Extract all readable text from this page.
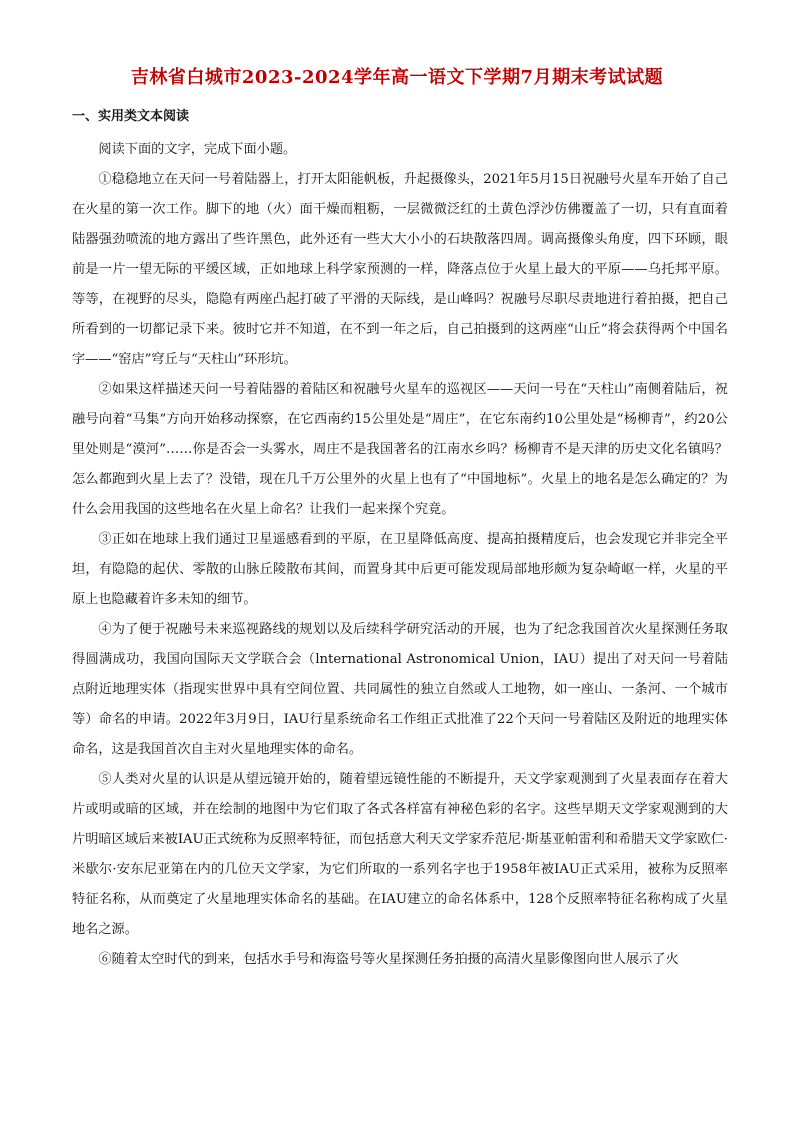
吉林省白城市2023-2024学年高一语文下学期7月期末考试试题
一、实用类文本阅读

阅读下面的文字，完成下面小题。

①稳稳地立在天问一号着陆器上，打开太阳能帆板，升起摄像头，2021年5月15日祝融号火星车开始了自己在火星的第一次工作。脚下的地（火）面干燥而粗粝，一层微微泛红的土黄色浮沙仿佛覆盖了一切，只有直面着陆器强劲喷流的地方露出了些许黑色，此外还有一些大大小小的石块散落四周。调高摄像头角度，四下环顾，眼前是一片一望无际的平缓区域，正如地球上科学家预测的一样，降落点位于火星上最大的平原——乌托邦平原。等等，在视野的尽头，隐隐有两座凸起打破了平滑的天际线，是山峰吗？祝融号尽职尽责地进行着拍摄，把自己所看到的一切都记录下来。彼时它并不知道，在不到一年之后，自己拍摄到的这两座“山丘”将会获得两个中国名字——“窑店”穹丘与“天柱山”环形坑。

②如果这样描述天问一号着陆器的着陆区和祝融号火星车的巡视区——天问一号在“天柱山”南侧着陆后，祝融号向着“马集”方向开始移动探察，在它西南约15公里处是“周庄”，在它东南约10公里处是“杨柳青”，约20公里处则是“漠河”……你是否会一头雾水，周庄不是我国著名的江南水乡吗？杨柳青不是天津的历史文化名镇吗？怎么都跑到火星上去了？没错，现在几千万公里外的火星上也有了“中国地标”。火星上的地名是怎么确定的？为什么会用我国的这些地名在火星上命名？让我们一起来探个究竟。

③正如在地球上我们通过卫星遥感看到的平原，在卫星降低高度、提高拍摄精度后，也会发现它并非完全平坦，有隐隐的起伏、零散的山脉丘陵散布其间，而置身其中后更可能发现局部地形颇为复杂崎岖一样，火星的平原上也隐藏着许多未知的细节。

④为了便于祝融号未来巡视路线的规划以及后续科学研究活动的开展，也为了纪念我国首次火星探测任务取得圆满成功，我国向国际天文学联合会（lnternational Astronomical Union，IAU）提出了对天问一号着陆点附近地理实体（指现实世界中具有空间位置、共同属性的独立自然或人工地物，如一座山、一条河、一个城市等）命名的申请。2022年3月9日，IAU行星系统命名工作组正式批准了22个天问一号着陆区及附近的地理实体命名，这是我国首次自主对火星地理实体的命名。

⑤人类对火星的认识是从望远镜开始的，随着望远镜性能的不断提升，天文学家观测到了火星表面存在着大片或明或暗的区域，并在绘制的地图中为它们取了各式各样富有神秘色彩的名字。这些早期天文学家观测到的大片明暗区域后来被IAU正式统称为反照率特征，而包括意大利天文学家乔范尼·斯基亚帕雷利和希腊天文学家欧仁·米歇尔·安东尼亚第在内的几位天文学家，为它们所取的一系列名字也于1958年被IAU正式采用，被称为反照率特征名称，从而奠定了火星地理实体命名的基础。在IAU建立的命名体系中，128个反照率特征名称构成了火星地名之源。

⑥随着太空时代的到来，包括水手号和海盗号等火星探测任务拍摄的高清火星影像图向世人展示了火
